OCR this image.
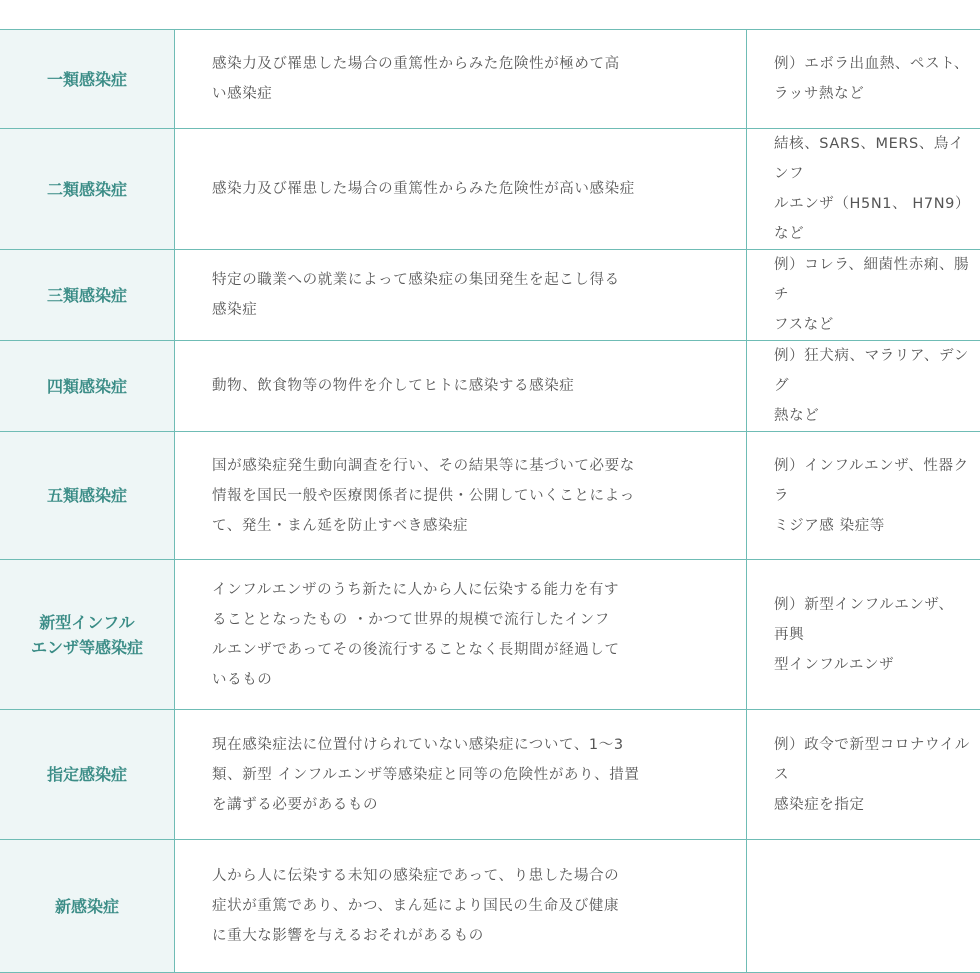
一類感染症	感染力及び罹患した場合の重篤性からみた危険性が極めて高
い感染症	例）エボラ出血熱、ペスト、
ラッサ熱など
二類感染症	感染力及び罹患した場合の重篤性からみた危険性が高い感染症	結核、SARS、MERS、鳥インフ
ルエンザ（H5N1、 H7N9）など
三類感染症	特定の職業への就業によって感染症の集団発生を起こし得る
感染症	例）コレラ、細菌性赤痢、腸チ
フスなど
四類感染症	動物、飲食物等の物件を介してヒトに感染する感染症	例）狂犬病、マラリア、デング
熱など
五類感染症	国が感染症発生動向調査を行い、その結果等に基づいて必要な
情報を国民一般や医療関係者に提供・公開していくことによっ
て、発生・まん延を防止すべき感染症	例）インフルエンザ、性器クラ
ミジア感 染症等
新型インフル
エンザ等感染症	インフルエンザのうち新たに人から人に伝染する能力を有す
ることとなったもの ・かつて世界的規模で流行したインフ
ルエンザであってその後流行することなく長期間が経過して
いるもの	例）新型インフルエンザ、 再興
型インフルエンザ
指定感染症	現在感染症法に位置付けられていない感染症について、1〜3
類、新型 インフルエンザ等感染症と同等の危険性があり、措置
を講ずる必要があるもの	例）政令で新型コロナウイルス
感染症を指定
新感染症	人から人に伝染する未知の感染症であって、り患した場合の
症状が重篤であり、かつ、まん延により国民の生命及び健康
に重大な影響を与えるおそれがあるもの	
